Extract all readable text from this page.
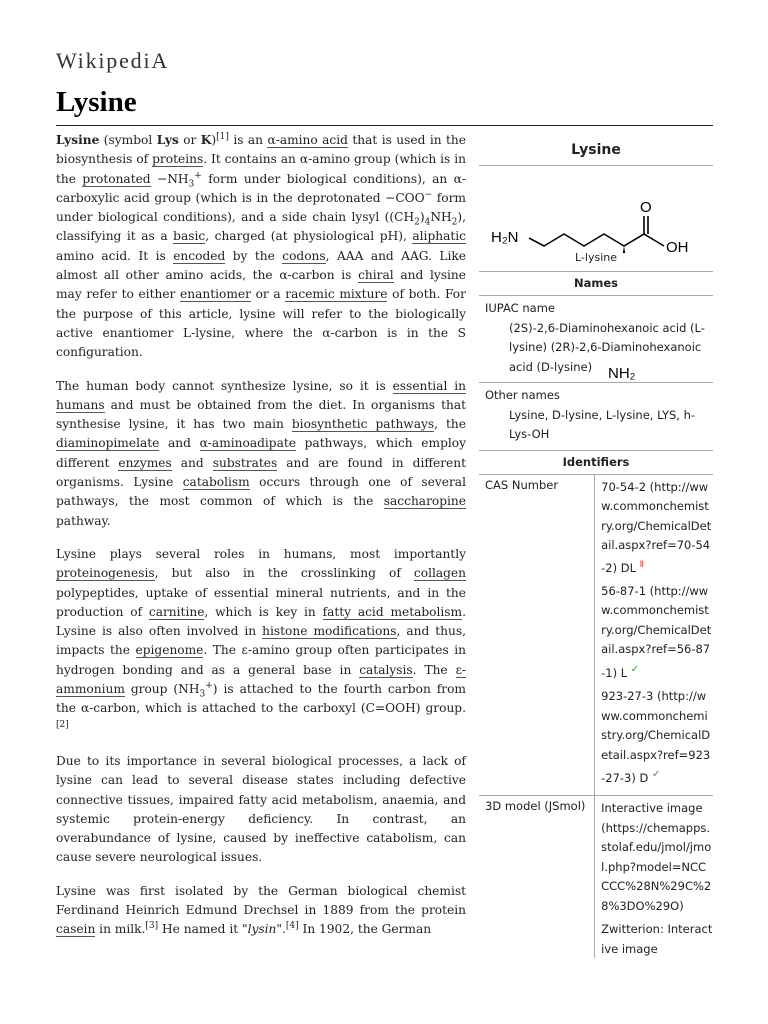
WikipediA
Lysine

Lysine (symbol Lys or K)[1] is an α-amino acid that is used in the biosynthesis of proteins. It contains an α-amino group (which is in the protonated $-NH_3^+$ form under biological conditions), an α-carboxylic acid group (which is in the deprotonated −COO− form under biological conditions), and a side chain lysyl $((CH_2)_4NH_2)$, classifying it as a basic, charged (at physiological pH), aliphatic amino acid. It is encoded by the codons, AAA and AAG. Like almost all other amino acids, the α-carbon is chiral and lysine may refer to either enantiomer or a racemic mixture of both. For the purpose of this article, lysine will refer to the biologically active enantiomer L-lysine, where the α-carbon is in the S configuration.

The human body cannot synthesize lysine, so it is essential in humans and must be obtained from the diet. In organisms that synthesise lysine, it has two main biosynthetic pathways, the diaminopimelate and α-aminoadipate pathways, which employ different enzymes and substrates and are found in different organisms. Lysine catabolism occurs through one of several pathways, the most common of which is the saccharopine pathway.

Lysine plays several roles in humans, most importantly proteinogenesis, but also in the crosslinking of collagen polypeptides, uptake of essential mineral nutrients, and in the production of carnitine, which is key in fatty acid metabolism. Lysine is also often involved in histone modifications, and thus, impacts the epigenome. The ε-amino group often participates in hydrogen bonding and as a general base in catalysis. The ε-ammonium group $(NH_3^+)$ is attached to the fourth carbon from the α-carbon, which is attached to the carboxyl (C=OOH) group.[2]

Due to its importance in several biological processes, a lack of lysine can lead to several disease states including defective connective tissues, impaired fatty acid metabolism, anaemia, and systemic protein-energy deficiency. In contrast, an overabundance of lysine, caused by ineffective catabolism, can cause severe neurological issues.

Lysine was first isolated by the German biological chemist Ferdinand Heinrich Edmund Drechsel in 1889 from the protein casein in milk.[3] He named it "lysin".[4] In 1902, the German

Lysine
H₂N
O
OH
L-lysine
Names
IUPAC name
(2S)-2,6-Diaminohexanoic acid (L-lysine) (2R)-2,6-Diaminohexanoic acid (D-lysine)
Other names
Lysine, D-lysine, L-lysine, LYS, h-Lys-OH
Identifiers
CAS Number	70-54-2 (http://www.commonchemistry.org/ChemicalDetail.aspx?ref=70-54-2) DL $^Ⅱ$
56-87-1 (http://www.commonchemistry.org/ChemicalDetail.aspx?ref=56-87-1) L ✓
923-27-3 (http://www.commonchemistry.org/ChemicalDetail.aspx?ref=923-27-3) D ✓
3D model (JSmol)	Interactive image (https://chemapps.stolaf.edu/jmol/jmol.php?model=NCCCCC%28N%29C%28%3DO%29O)
Zwitterion: Interactive image
NH₂
